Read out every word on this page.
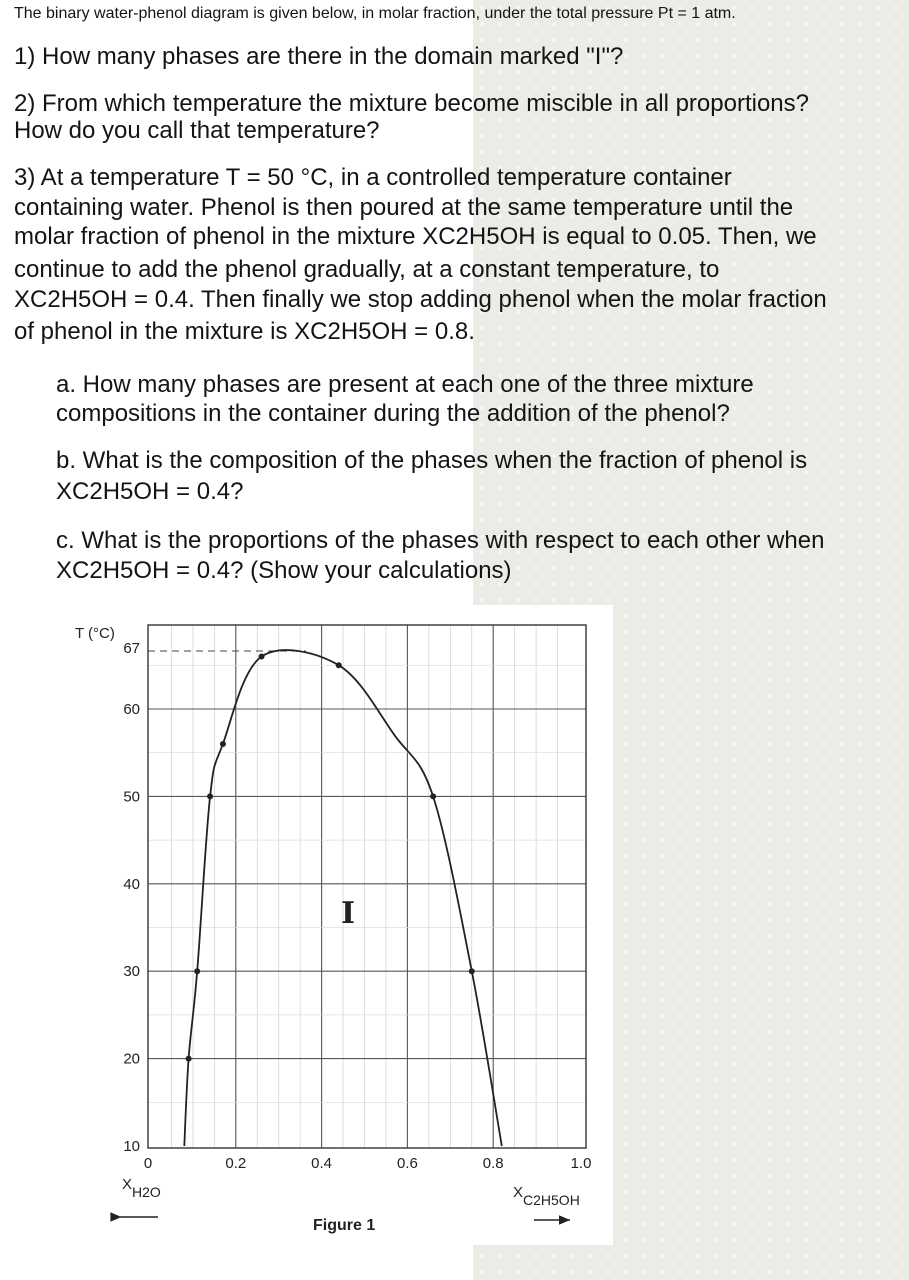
The binary water-phenol diagram is given below, in molar fraction, under the total pressure Pt = 1 atm.

1) How many phases are there in the domain marked "I"?

2) From which temperature the mixture become miscible in all proportions?

How do you call that temperature?

3) At a temperature T = 50 °C, in a controlled temperature container

containing water. Phenol is then poured at the same temperature until the

molar fraction of phenol in the mixture XC2H5OH is equal to 0.05. Then, we

continue to add the phenol gradually, at a constant temperature, to

XC2H5OH = 0.4. Then finally we stop adding phenol when the molar fraction

of phenol in the mixture is XC2H5OH = 0.8.

a. How many phases are present at each one of the three mixture

compositions in the container during the addition of the phenol?

b. What is the composition of the phases when the fraction of phenol is

XC2H5OH = 0.4?

c. What is the proportions of the phases with respect to each other when

XC2H5OH = 0.4? (Show your calculations)

67
60
50
40
30
20
10
0	0.2	0.4	0.6	0.8	1.0
T (°C)
I
XH2O	XC2H5OH
Figure 1
